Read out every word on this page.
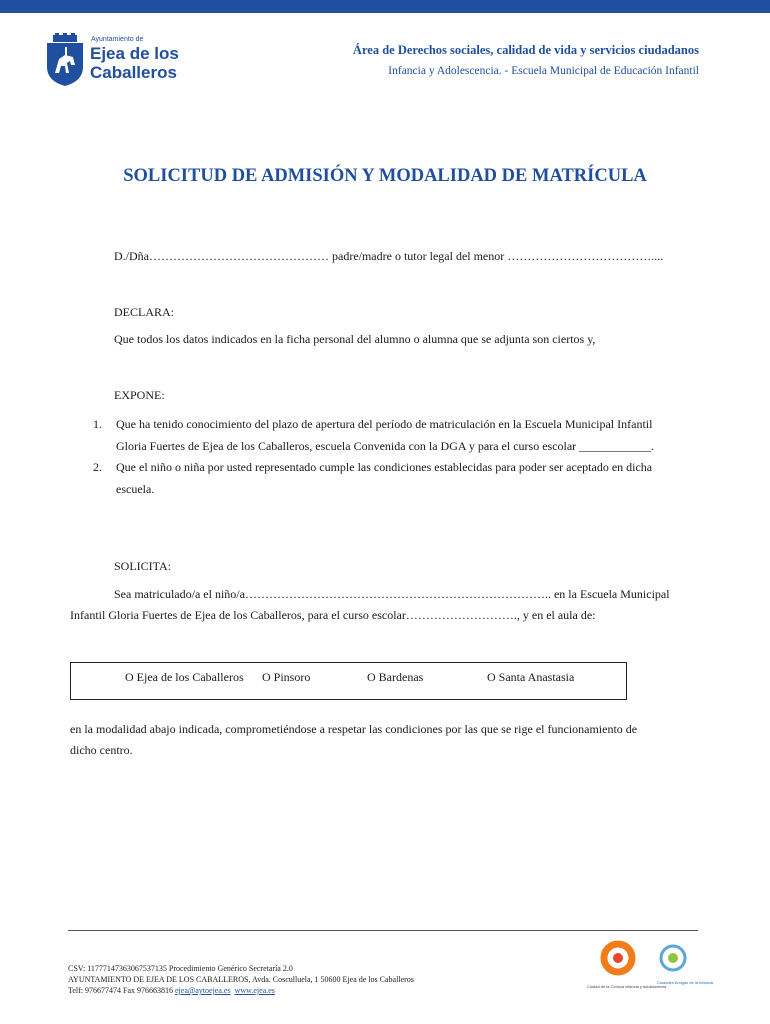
Ayuntamiento de
Ejea de los
Caballeros
Área de Derechos sociales, calidad de vida y servicios ciudadanos
Infancia y Adolescencia. - Escuela Municipal de Educación Infantil
SOLICITUD DE ADMISIÓN Y MODALIDAD DE MATRÍCULA
D./Dña……………………………………… padre/madre o tutor legal del menor ………………………………....
DECLARA:
Que todos los datos indicados en la ficha personal del alumno o alumna que se adjunta son ciertos y,
EXPONE:
1. Que ha tenido conocimiento del plazo de apertura del período de matriculación en la Escuela Municipal Infantil
Gloria Fuertes de Ejea de los Caballeros, escuela Convenida con la DGA y para el curso escolar ____________.
2. Que el niño o niña por usted representado cumple las condiciones establecidas para poder ser aceptado en dicha
escuela.
SOLICITA:
Sea matriculado/a el niño/a………………………………………………………………….. en la Escuela Municipal
Infantil Gloria Fuertes de Ejea de los Caballeros, para el curso escolar………………………., y en el aula de:
O Ejea de los Caballeros O Pinsoro	O Bardenas	O Santa Anastasia
en la modalidad abajo indicada, comprometiéndose a respetar las condiciones por las que se rige el funcionamiento de
dicho centro.
CSV: 11777147363067537135 Procedimiento Genérico Secretaría 2.0
AYUNTAMIENTO DE EJEA DE LOS CABALLEROS, Avda. Cosculluela, 1 50600 Ejea de los Caballeros
Telf: 976677474 Fax 976663816 ejea@aytoejea.es www.ejea.es	Ciudad de la Cenicia infancia y adolescencia
Ciudades Amigas de la Infancia
